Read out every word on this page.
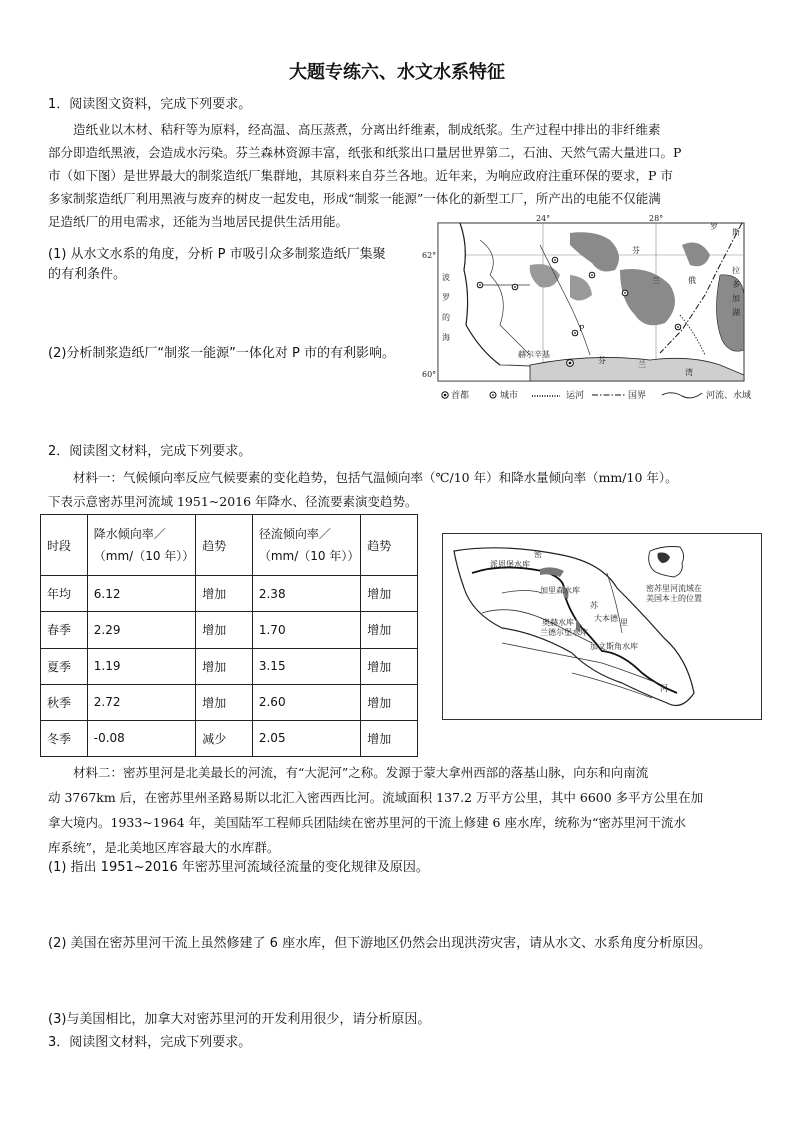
大题专练六、水文水系特征
1．阅读图文资料，完成下列要求。
造纸业以木材、秸秆等为原料，经高温、高压蒸煮，分离出纤维素，制成纸浆。生产过程中排出的非纤维素
部分即造纸黑液，会造成水污染。芬兰森林资源丰富，纸张和纸浆出口量居世界第二，石油、天然气需大量进口。P
市（如下图）是世界最大的制浆造纸厂集群地，其原料来自芬兰各地。近年来，为响应政府注重环保的要求，P 市
多家制浆造纸厂利用黑液与废弃的树皮一起发电，形成“制浆一能源”一体化的新型工厂，所产出的电能不仅能满
足造纸厂的用电需求，还能为当地居民提供生活用能。
(1) 从水文水系的角度，分析 P 市吸引众多制浆造纸厂集聚
的有利条件。
(2)分析制浆造纸厂“制浆一能源”一体化对 P 市的有利影响。
24°	28°
62°
60°
P
赫尔辛基
波罗的海
芬	兰
湾
芬
兰	俄
罗
斯
拉
多
加
湖
首都	城市	运河	国界	河流、水域
2．阅读图文材料，完成下列要求。
材料一：气候倾向率反应气候要素的变化趋势，包括气温倾向率（℃/10 年）和降水量倾向率（mm/10 年）。
下表示意密苏里河流域 1951~2016 年降水、径流要素演变趋势。
时段	降水倾向率／（mm/（10 年））	趋势	径流倾向率／（mm/（10 年））	趋势
年均	6.12	增加	2.38	增加
春季	2.29	增加	1.70	增加
夏季	1.19	增加	3.15	增加
秋季	2.72	增加	2.60	增加
冬季	-0.08	减少	2.05	增加
派恩堡水库
加里森水库
奥赫水库
兰德尔堡水库
大本德
加文斯角水库
密
苏
里
河
密苏里河流域在
美国本土的位置
材料二：密苏里河是北美最长的河流，有“大泥河”之称。发源于蒙大拿州西部的落基山脉，向东和向南流
动 3767km 后，在密苏里州圣路易斯以北汇入密西西比河。流域面积 137.2 万平方公里，其中 6600 多平方公里在加
拿大境内。1933~1964 年，美国陆军工程师兵团陆续在密苏里河的干流上修建 6 座水库，统称为“密苏里河干流水
库系统”，是北美地区库容最大的水库群。
(1) 指出 1951~2016 年密苏里河流域径流量的变化规律及原因。
(2) 美国在密苏里河干流上虽然修建了 6 座水库，但下游地区仍然会出现洪涝灾害，请从水文、水系角度分析原因。
(3)与美国相比，加拿大对密苏里河的开发利用很少，请分析原因。
3．阅读图文材料，完成下列要求。
